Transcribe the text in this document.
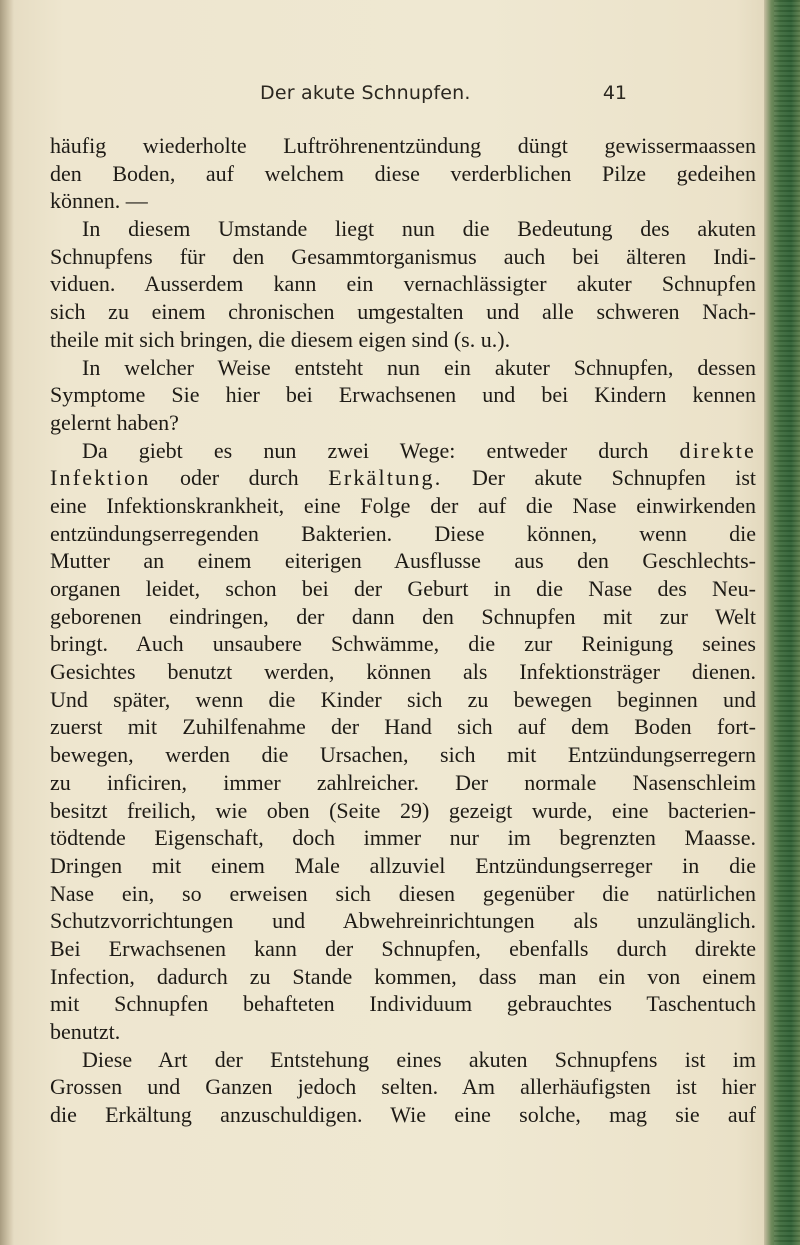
Der akute Schnupfen.	41
häufig wiederholte Luftröhrenentzündung düngt gewissermaassen
den Boden, auf welchem diese verderblichen Pilze gedeihen
können. —
In diesem Umstande liegt nun die Bedeutung des akuten
Schnupfens für den Gesammtorganismus auch bei älteren Indi-
viduen. Ausserdem kann ein vernachlässigter akuter Schnupfen
sich zu einem chronischen umgestalten und alle schweren Nach-
theile mit sich bringen, die diesem eigen sind (s. u.).
In welcher Weise entsteht nun ein akuter Schnupfen, dessen
Symptome Sie hier bei Erwachsenen und bei Kindern kennen
gelernt haben?
Da giebt es nun zwei Wege: entweder durch direkte
Infektion oder durch Erkältung. Der akute Schnupfen ist
eine Infektionskrankheit, eine Folge der auf die Nase einwirkenden
entzündungserregenden Bakterien. Diese können, wenn die
Mutter an einem eiterigen Ausflusse aus den Geschlechts-
organen leidet, schon bei der Geburt in die Nase des Neu-
geborenen eindringen, der dann den Schnupfen mit zur Welt
bringt. Auch unsaubere Schwämme, die zur Reinigung seines
Gesichtes benutzt werden, können als Infektionsträger dienen.
Und später, wenn die Kinder sich zu bewegen beginnen und
zuerst mit Zuhilfenahme der Hand sich auf dem Boden fort-
bewegen, werden die Ursachen, sich mit Entzündungserregern
zu inficiren, immer zahlreicher. Der normale Nasenschleim
besitzt freilich, wie oben (Seite 29) gezeigt wurde, eine bacterien-
tödtende Eigenschaft, doch immer nur im begrenzten Maasse.
Dringen mit einem Male allzuviel Entzündungserreger in die
Nase ein, so erweisen sich diesen gegenüber die natürlichen
Schutzvorrichtungen und Abwehreinrichtungen als unzulänglich.
Bei Erwachsenen kann der Schnupfen, ebenfalls durch direkte
Infection, dadurch zu Stande kommen, dass man ein von einem
mit Schnupfen behafteten Individuum gebrauchtes Taschentuch
benutzt.
Diese Art der Entstehung eines akuten Schnupfens ist im
Grossen und Ganzen jedoch selten. Am allerhäufigsten ist hier
die Erkältung anzuschuldigen. Wie eine solche, mag sie auf
